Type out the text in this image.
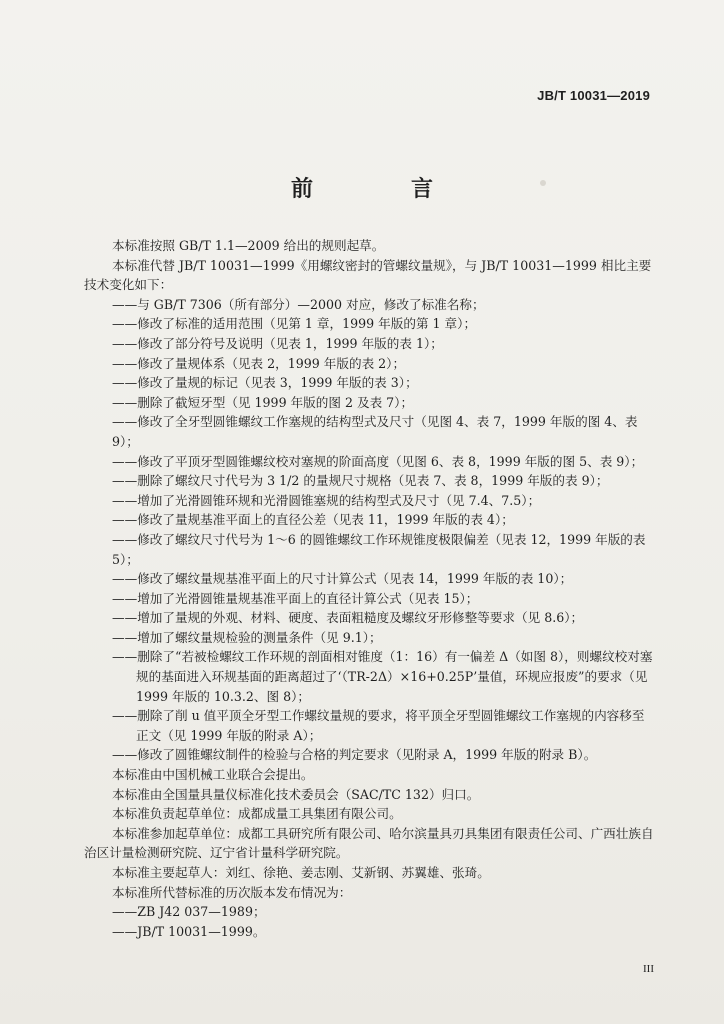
JB/T 10031—2019
前　言

本标准按照 GB/T 1.1—2009 给出的规则起草。

本标准代替 JB/T 10031—1999《用螺纹密封的管螺纹量规》，与 JB/T 10031—1999 相比主要技术变化如下：

——与 GB/T 7306（所有部分）—2000 对应，修改了标准名称；

——修改了标准的适用范围（见第 1 章，1999 年版的第 1 章）；

——修改了部分符号及说明（见表 1，1999 年版的表 1）；

——修改了量规体系（见表 2，1999 年版的表 2）；

——修改了量规的标记（见表 3，1999 年版的表 3）；

——删除了截短牙型（见 1999 年版的图 2 及表 7）；

——修改了全牙型圆锥螺纹工作塞规的结构型式及尺寸（见图 4、表 7，1999 年版的图 4、表 9）；

——修改了平顶牙型圆锥螺纹校对塞规的阶面高度（见图 6、表 8，1999 年版的图 5、表 9）；

——删除了螺纹尺寸代号为 3 1/2 的量规尺寸规格（见表 7、表 8，1999 年版的表 9）；

——增加了光滑圆锥环规和光滑圆锥塞规的结构型式及尺寸（见 7.4、7.5）；

——修改了量规基准平面上的直径公差（见表 11，1999 年版的表 4）；

——修改了螺纹尺寸代号为 1～6 的圆锥螺纹工作环规锥度极限偏差（见表 12，1999 年版的表 5）；

——修改了螺纹量规基准平面上的尺寸计算公式（见表 14，1999 年版的表 10）；

——增加了光滑圆锥量规基准平面上的直径计算公式（见表 15）；

——增加了量规的外观、材料、硬度、表面粗糙度及螺纹牙形修整等要求（见 8.6）；

——增加了螺纹量规检验的测量条件（见 9.1）；

——删除了“若被检螺纹工作环规的剖面相对锥度（1：16）有一偏差 Δ（如图 8），则螺纹校对塞规的基面进入环规基面的距离超过了‘（TR-2Δ）×16+0.25P’量值，环规应报废”的要求（见 1999 年版的 10.3.2、图 8）；

——删除了削 u 值平顶全牙型工作螺纹量规的要求，将平顶全牙型圆锥螺纹工作塞规的内容移至正文（见 1999 年版的附录 A）；

——修改了圆锥螺纹制件的检验与合格的判定要求（见附录 A，1999 年版的附录 B）。

本标准由中国机械工业联合会提出。

本标准由全国量具量仪标准化技术委员会（SAC/TC 132）归口。

本标准负责起草单位：成都成量工具集团有限公司。

本标准参加起草单位：成都工具研究所有限公司、哈尔滨量具刃具集团有限责任公司、广西壮族自治区计量检测研究院、辽宁省计量科学研究院。

本标准主要起草人：刘红、徐艳、姜志刚、艾新钢、苏翼雄、张琦。

本标准所代替标准的历次版本发布情况为：

——ZB J42 037—1989；

——JB/T 10031—1999。

III
